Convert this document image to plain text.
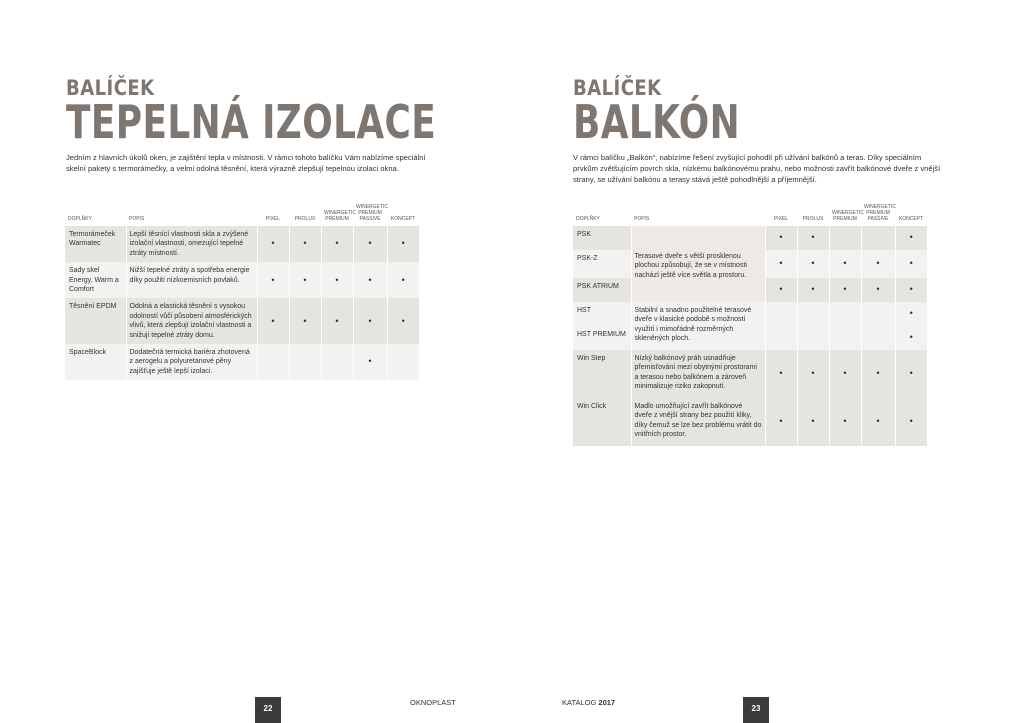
BALÍČEK
TEPELNÁ IZOLACE
Jedním z hlavních úkolů oken, je zajištění tepla v místnosti. V rámci tohoto balíčku Vám nabízíme speciální skelní pakety s termorámečky, a velmi odolná těsnění, která výrazně zlepšují tepelnou izolaci okna.
DOPLŇKY	POPIS	PIXEL	PROLUX	WINERGETIC PREMIUM	WINERGETIC PREMIUM PASSIVE	KONCEPT
Termorámeček Warmatec	Lepší těsnící vlastnosti skla a zvýšené izolační vlastnosti, omezující tepelné ztráty místností.	•	•	•	•	•
Sady skel Energy, Warm a Comfort	Nižší tepelné ztráty a spotřeba energie díky použití nízkoemisních povlaků.	•	•	•	•	•
Těsnění EPDM	Odolná a elastická těsnění s vysokou odolností vůči působení atmosférických vlivů, která zlepšují izolační vlastnosti a snižují tepelné ztráty domu.	•	•	•	•	•
SpaceBlock	Dodatečná termická bariéra zhotovená z aerogelu a polyuretanové pěny zajišťuje ještě lepší izolaci.				•	
22
OKNOPLAST
BALÍČEK
BALKÓN
V rámci balíčku „Balkón“, nabízíme řešení zvyšující pohodlí při užívání balkónů a teras. Díky speciálním prvkům zvětšujícím povrch skla, nízkému balkónovému prahu, nebo možnosti zavřít balkónové dveře z vnější strany, se užívání balkónu a terasy stává ještě pohodlnější a příjemnější.
DOPLŇKY	POPIS	PIXEL	PROLUX	WINERGETIC PREMIUM	WINERGETIC PREMIUM PASSIVE	KONCEPT
PSK	Terasové dveře s větší prosklenou plochou způsobují, že se v místnosti nachází ještě více světla a prostoru.	•	•			•
PSK-Z		•	•	•	•	•
PSK ATRIUM		•	•	•	•	•
HST	Stabilní a snadno použitelné terasové dveře v klasické podobě s možností využití i mimořádně rozměrných skleněných ploch.					•
HST PREMIUM						•
Win Step	Nízký balkónový práh usnadňuje přemisťování mezi obytnými prostorami a terasou nebo balkónem a zároveň minimalizuje riziko zakopnutí.	•	•	•	•	•
Win Click	Madlo umožňující zavřít balkónové dveře z vnější strany bez použití kliky, díky čemuž se lze bez problému vrátit do vnitřních prostor.	•	•	•	•	•
KATALOG 2017
23
